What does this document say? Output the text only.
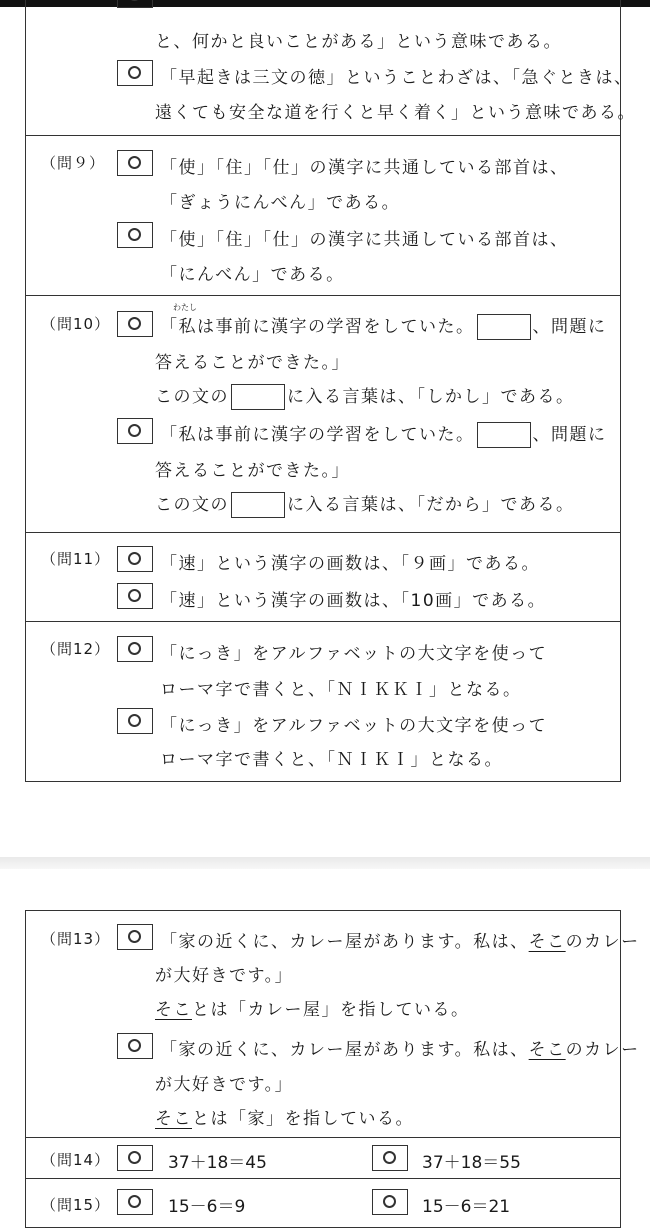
と、何かと良いことがある」という意味である。
「早起きは三文の徳」ということわざは、「急ぐときは、
遠くても安全な道を行くと早く着く」という意味である。
（問９）	「使」「住」「仕」の漢字に共通している部首は、
「ぎょうにんべん」である。
「使」「住」「仕」の漢字に共通している部首は、
「にんべん」である。
（問10）
わたし
「私は事前に漢字の学習をしていた。	、問題に
答えることができた。」
この文の	に入る言葉は、「しかし」である。
「私は事前に漢字の学習をしていた。	、問題に
答えることができた。」
この文の	に入る言葉は、「だから」である。
（問11）	「速」という漢字の画数は、「９画」である。
「速」という漢字の画数は、「10画」である。
（問12）	「にっき」をアルファベットの大文字を使って
ローマ字で書くと、「ＮＩＫＫＩ」となる。
「にっき」をアルファベットの大文字を使って
ローマ字で書くと、「ＮＩＫＩ」となる。
（問13）	「家の近くに、カレー屋があります。私は、そこのカレー
が大好きです。」
そことは「カレー屋」を指している。
「家の近くに、カレー屋があります。私は、そこのカレー
が大好きです。」
そことは「家」を指している。
（問14）	37＋18＝45	37＋18＝55
（問15）	15－6＝9	15－6＝21
